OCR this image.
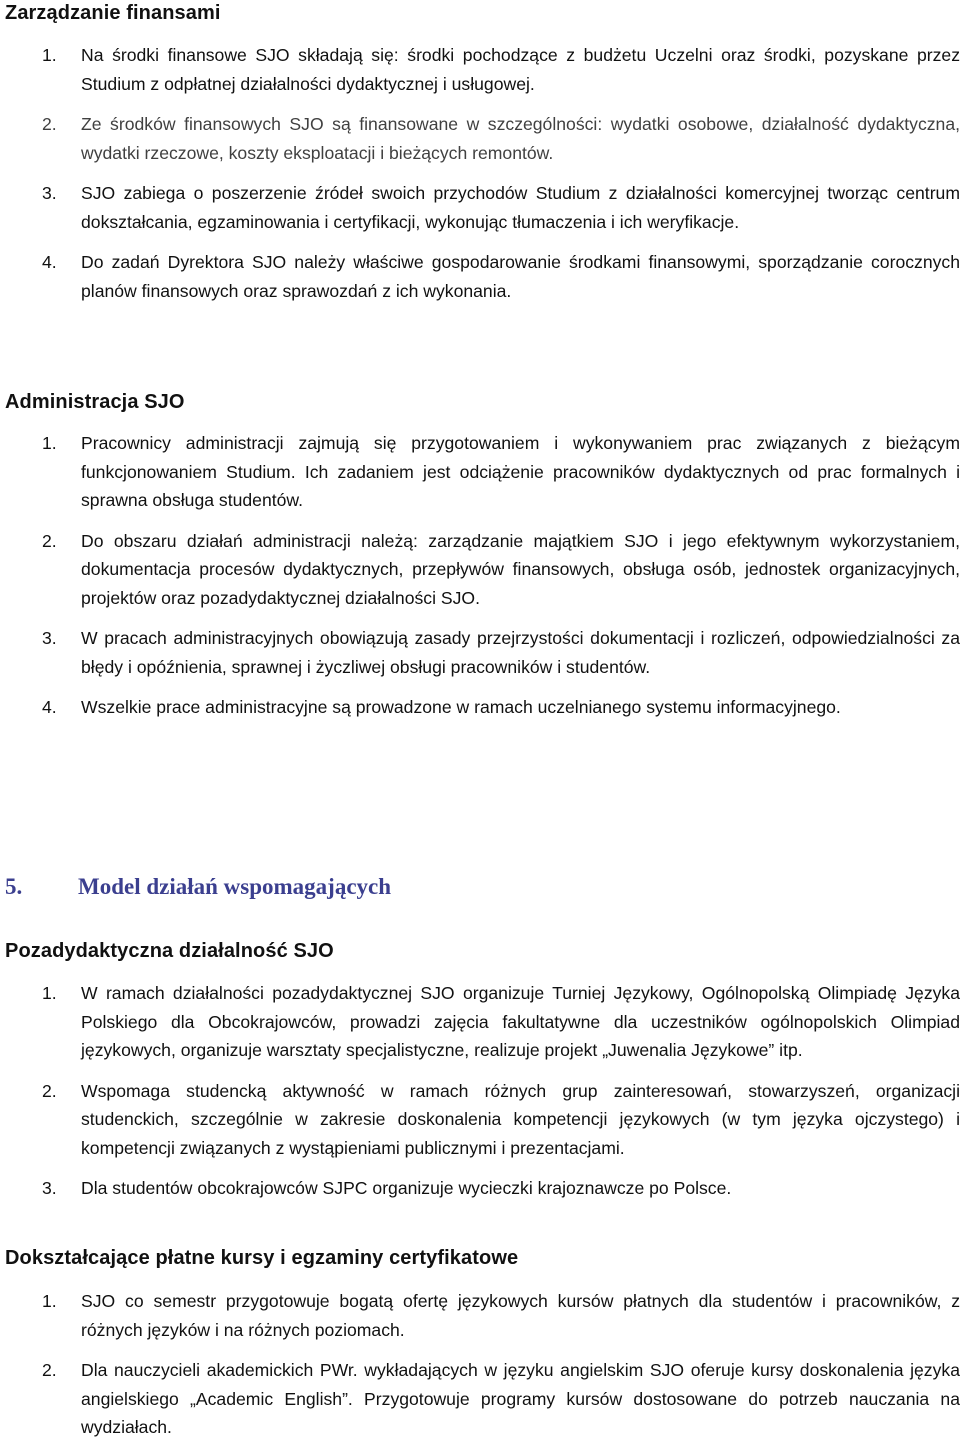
Zarządzanie finansami
1. Na środki finansowe SJO składają się: środki pochodzące z budżetu Uczelni oraz środki, pozyskane przez Studium z odpłatnej działalności dydaktycznej i usługowej.
2. Ze środków finansowych SJO są finansowane w szczególności: wydatki osobowe, działalność dydaktyczna, wydatki rzeczowe, koszty eksploatacji i bieżących remontów.
3. SJO zabiega o poszerzenie źródeł swoich przychodów Studium z działalności komercyjnej tworząc centrum dokształcania, egzaminowania i certyfikacji, wykonując tłumaczenia i ich weryfikacje.
4. Do zadań Dyrektora SJO należy właściwe gospodarowanie środkami finansowymi, sporządzanie corocznych planów finansowych oraz sprawozdań z ich wykonania.
Administracja SJO
1. Pracownicy administracji zajmują się przygotowaniem i wykonywaniem prac związanych z bieżącym funkcjonowaniem Studium. Ich zadaniem jest odciążenie pracowników dydaktycznych od prac formalnych i sprawna obsługa studentów.
2. Do obszaru działań administracji należą: zarządzanie majątkiem SJO i jego efektywnym wykorzystaniem, dokumentacja procesów dydaktycznych, przepływów finansowych, obsługa osób, jednostek organizacyjnych, projektów oraz pozadydaktycznej działalności SJO.
3. W pracach administracyjnych obowiązują zasady przejrzystości dokumentacji i rozliczeń, odpowiedzialności za błędy i opóźnienia, sprawnej i życzliwej obsługi pracowników i studentów.
4. Wszelkie prace administracyjne są prowadzone w ramach uczelnianego systemu informacyjnego.
5. Model działań wspomagających
Pozadydaktyczna działalność SJO
1. W ramach działalności pozadydaktycznej SJO organizuje Turniej Językowy, Ogólnopolską Olimpiadę Języka Polskiego dla Obcokrajowców, prowadzi zajęcia fakultatywne dla uczestników ogólnopolskich Olimpiad językowych, organizuje warsztaty specjalistyczne, realizuje projekt „Juwenalia Językowe” itp.
2. Wspomaga studencką aktywność w ramach różnych grup zainteresowań, stowarzyszeń, organizacji studenckich, szczególnie w zakresie doskonalenia kompetencji językowych (w tym języka ojczystego) i kompetencji związanych z wystąpieniami publicznymi i prezentacjami.
3. Dla studentów obcokrajowców SJPC organizuje wycieczki krajoznawcze po Polsce.
Dokształcające płatne kursy i egzaminy certyfikatowe
1. SJO co semestr przygotowuje bogatą ofertę językowych kursów płatnych dla studentów i pracowników, z różnych języków i na różnych poziomach.
2. Dla nauczycieli akademickich PWr. wykładających w języku angielskim SJO oferuje kursy doskonalenia języka angielskiego „Academic English”. Przygotowuje programy kursów dostosowane do potrzeb nauczania na wydziałach.
